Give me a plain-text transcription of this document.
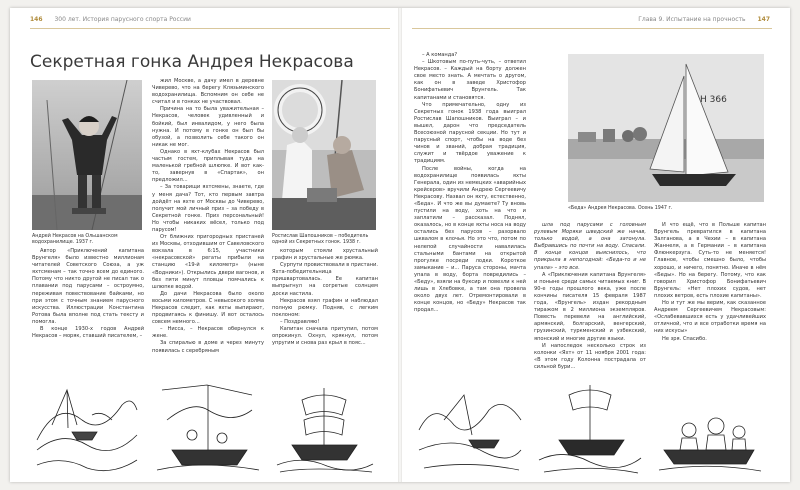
146 300 лет. История парусного спорта России
Секретная гонка Андрея Некрасова
Андрей Некрасов на Ольшанском водохранилище. 1937 г.
Ростислав Шапошников – победитель одной из Секретных гонок. 1938 г.

Автор «Приключений капитана Врунгеля» было известно миллионам читателей Советского Союза, а уж яхтсменам – так точно всем до единого. Потому что никто другой не писал так о плавании под парусами – остроумно, переживая повествование байками, но при этом с точным знанием парусного искусства. Иллюстрации Константина Ротова была вполне под стать тексту и помогла.

В конце 1930-х годов Андрей Некрасов – моряк, ставший писателем, –

жил Москве, а дачу имел в деревне Чиверево, что на берегу Клязьминского водохранилища. Вспомним он себе не считал и в гонках не участвовал.

Причина на то была уважительная – Некрасов, человек удивленный и бойкий, был инвалидом, у него была нужна. И потому в гонке он был бы обузой, а позволить себе такого он никак не мог.

Однако в яхт-клубах Некрасов был частым гостем, приплывая туда на маленькой гребной шлюпке. И вот как-то, завернув в «Спартак», он предложил...

– За товарищи яхтсмены, знаете, где у меня дача? Тот, кто первым завтра дойдёт на яхте от Москвы до Чиверево, получит мой личный приз – за победу в Секретной гонке. Приз персональный! Но чтобы никаких вёсел, только под парусом!

От ближних пригородных пристаней из Москвы, отходившим от Савеловского вокзала в 6:15, участники «некрасовской» регаты прибыли на станцию «19-й километр» (ныне «Водники»). Открылись двери вагонов, и без пяти минут пловцы помчались к шлюпке водой.

До дачи Некрасова было около восьми километров. С невысокого холма Некрасов следит, как яхты выпирают, продвигаясь к финишу. И вот осталось совсем немного...

– Нисса, – Некрасов обернулся к жене.

За спиралью в доме и через минуту появилась с серебряным

которым стояли хрустальный графин и хрустальные же рюмка.

Сурпути провиствовали в пристани. Яхта-победительница пришвартовалась. Ее капитан выпрыгнул на согретые солнцем доски настила.

Некрасов взял графин и наблюдал полную рюмку. Подняв, с легким поклоном:

– Поздравляю!

Капитан сначала притупил, потом опрокинул. Охнул, крякнул, потом упругим и снова раз крыл в пояс...

Глава 9. Испытание на прочность 147

– А команда?

– Шкотовым по-путь-чуть, – ответил Некрасов. – Каждый на борту должен свое место знать. А мечтать о другом, как он в заведе Христофор Бонифатьевич Врунгель. Так капитанами и становятся.

Что примечательно, одну из Секретных гонок 1938 года выиграл Ростислав Шапошников. Выиграл – и вышел, дарон что председатель Всесоюзной парусной секции. Но тут и парусный спорт, чтобы на воде без чинов и званий, добрая традиция, служит и твёрдое уважение к традициям.

После войны, когда на водохранилище появилась яхты Генерала, один из немецких «аварийных крейсеров» вручили Андрею Сергеевичу Некрасову. Назвал он яхту, естественно, «Беда». И что же вы думаете? Ту вновь пустили на воду, хоть на что и заплатили – рассказал. Поднял, оказалось, но в конце яхты носа на воду остались без парусов – разорвало шквалом в клочья. Но это что, потом по нелепой случайности навалилась стальными бантами на открытой прогулке посреди лодки. Короткое замыкание – и... Паруса стороны, мачта упала в воду, борта повредились – «Беду», взяли на буксир и повезли к ней лишь в Хлебовке, а там она провела около двух лет. Отремонтировали в конце концов, но «Беду» Некрасов так продал...

Н 366
«Беда» Андрея Некрасова. Осень 1947 г.

шла под парусами с головным рулевым Моряки шведский же начав, только водой, а она затонула. Выбравшись по почти на воду. Спасали. В конце концов выяснилось, что прикрыла в непогодной: «Беда-то и не упала» – это все.

А «Приключения капитана Врунгеля» и поныне среди самых читаемых книг. В 90-е годы прошлого века, уже после кончины писателя 15 февраля 1987 года, «Врунгель» издан рекордным тиражом в 2 миллиона экземпляров. Повесть перевели на английский, армянский, болгарский, венгерский, грузинский, туркменский и узбекский, японский и многие другие языки.

И напоследок несколько строк из колонки «Яхт» от 11 ноября 2001 года: «В этом году Колонна пострадала от сильной бури...

И что ещё, что в Польше капитан Врунгель превратился в капитана Залганова, а в Чехии – в капитана Жаннеля, а в Германии – в капитана Флюнкерзуга. Суть-то не меняется! Главное, чтобы смешно было, чтобы хорошо, и ничего, понятно. Иначе в нём «Беды». Но на берегу. Потому, что как говорил Христофор Бонифатьевич Врунгель: «Нет плохих судов, нет плохих ветров, есть плохие капитаны».

Но и тут же мы верим, как сказанное Андреем Сергеевичем Некрасовым: «Ослабевавшихся есть у удачливейших отличной, что и все отработки время на них искусы»

Не зря. Спасибо.
